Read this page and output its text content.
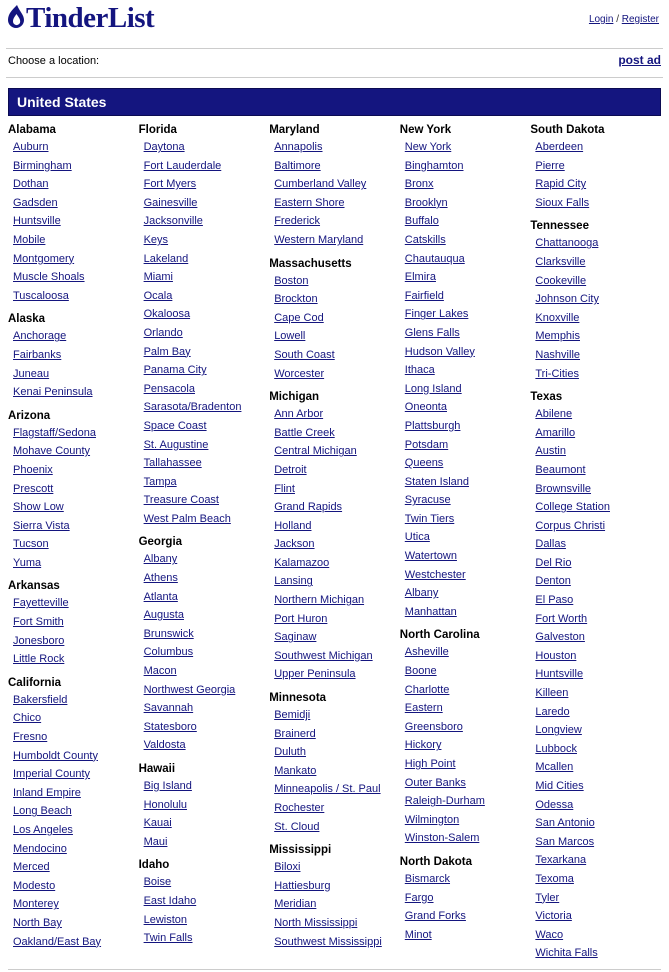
TinderList	Login / Register
Choose a location:	post ad
United States
Alabama
Auburn
Birmingham
Dothan
Gadsden
Huntsville
Mobile
Montgomery
Muscle Shoals
Tuscaloosa
Alaska
Anchorage
Fairbanks
Juneau
Kenai Peninsula
Arizona
Flagstaff/Sedona
Mohave County
Phoenix
Prescott
Show Low
Sierra Vista
Tucson
Yuma
Arkansas
Fayetteville
Fort Smith
Jonesboro
Little Rock
California
Bakersfield
Chico
Fresno
Humboldt County
Imperial County
Inland Empire
Long Beach
Los Angeles
Mendocino
Merced
Modesto
Monterey
North Bay
Oakland/East Bay
Florida
Daytona
Fort Lauderdale
Fort Myers
Gainesville
Jacksonville
Keys
Lakeland
Miami
Ocala
Okaloosa
Orlando
Palm Bay
Panama City
Pensacola
Sarasota/Bradenton
Space Coast
St. Augustine
Tallahassee
Tampa
Treasure Coast
West Palm Beach
Georgia
Albany
Athens
Atlanta
Augusta
Brunswick
Columbus
Macon
Northwest Georgia
Savannah
Statesboro
Valdosta
Hawaii
Big Island
Honolulu
Kauai
Maui
Idaho
Boise
East Idaho
Lewiston
Twin Falls
Maryland
Annapolis
Baltimore
Cumberland Valley
Eastern Shore
Frederick
Western Maryland
Massachusetts
Boston
Brockton
Cape Cod
Lowell
South Coast
Worcester
Michigan
Ann Arbor
Battle Creek
Central Michigan
Detroit
Flint
Grand Rapids
Holland
Jackson
Kalamazoo
Lansing
Northern Michigan
Port Huron
Saginaw
Southwest Michigan
Upper Peninsula
Minnesota
Bemidji
Brainerd
Duluth
Mankato
Minneapolis / St. Paul
Rochester
St. Cloud
Mississippi
Biloxi
Hattiesburg
Meridian
North Mississippi
Southwest Mississippi
New York
New York
Binghamton
Bronx
Brooklyn
Buffalo
Catskills
Chautauqua
Elmira
Fairfield
Finger Lakes
Glens Falls
Hudson Valley
Ithaca
Long Island
Oneonta
Plattsburgh
Potsdam
Queens
Staten Island
Syracuse
Twin Tiers
Utica
Watertown
Westchester
Albany
Manhattan
North Carolina
Asheville
Boone
Charlotte
Eastern
Greensboro
Hickory
High Point
Outer Banks
Raleigh-Durham
Wilmington
Winston-Salem
North Dakota
Bismarck
Fargo
Grand Forks
Minot
South Dakota
Aberdeen
Pierre
Rapid City
Sioux Falls
Tennessee
Chattanooga
Clarksville
Cookeville
Johnson City
Knoxville
Memphis
Nashville
Tri-Cities
Texas
Abilene
Amarillo
Austin
Beaumont
Brownsville
College Station
Corpus Christi
Dallas
Del Rio
Denton
El Paso
Fort Worth
Galveston
Houston
Huntsville
Killeen
Laredo
Longview
Lubbock
Mcallen
Mid Cities
Odessa
San Antonio
San Marcos
Texarkana
Texoma
Tyler
Victoria
Waco
Wichita Falls
